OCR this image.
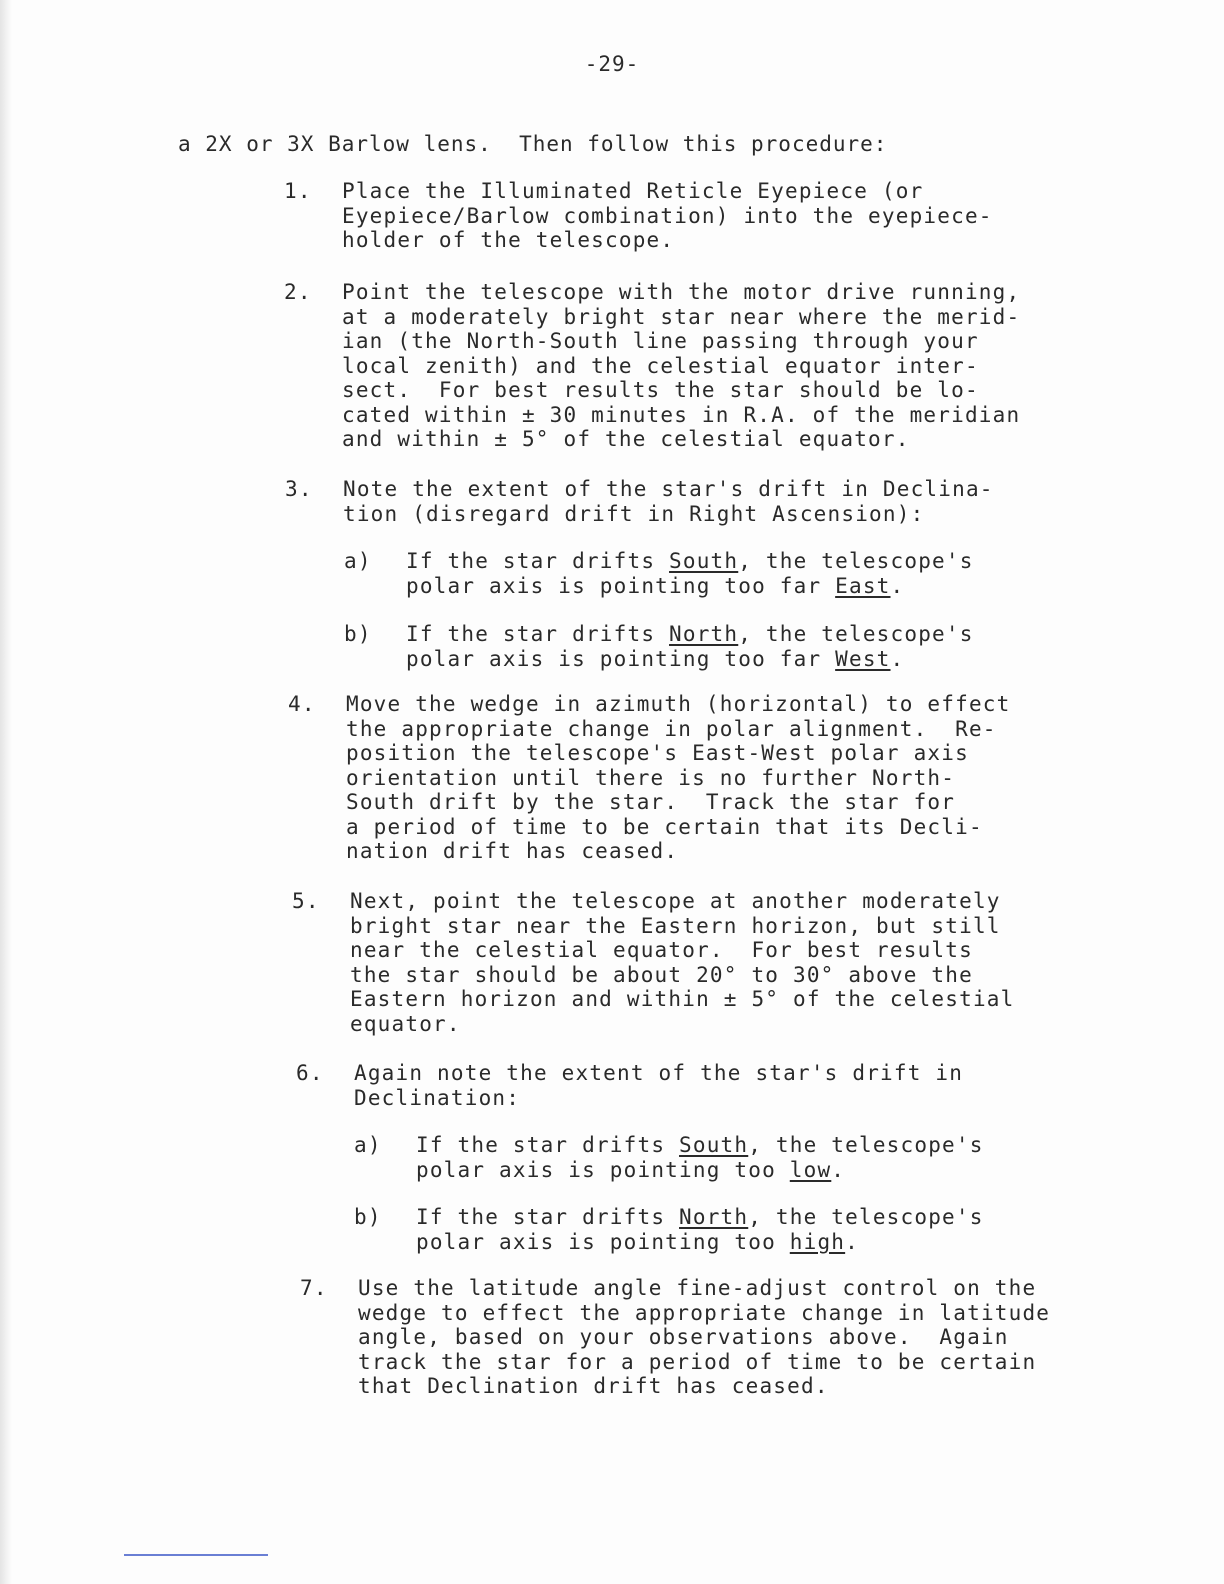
-29-
a 2X or 3X Barlow lens.  Then follow this procedure:
1. Place the Illuminated Reticle Eyepiece (or
Eyepiece/Barlow combination) into the eyepiece-
holder of the telescope.
2. Point the telescope with the motor drive running,
at a moderately bright star near where the merid-
ian (the North-South line passing through your
local zenith) and the celestial equator inter-
sect.  For best results the star should be lo-
cated within ± 30 minutes in R.A. of the meridian
and within ± 5° of the celestial equator.
3. Note the extent of the star's drift in Declina-
tion (disregard drift in Right Ascension):
a) If the star drifts South, the telescope's
polar axis is pointing too far East.
b) If the star drifts North, the telescope's
polar axis is pointing too far West.
4. Move the wedge in azimuth (horizontal) to effect
the appropriate change in polar alignment.  Re-
position the telescope's East-West polar axis
orientation until there is no further North-
South drift by the star.  Track the star for
a period of time to be certain that its Decli-
nation drift has ceased.
5. Next, point the telescope at another moderately
bright star near the Eastern horizon, but still
near the celestial equator.  For best results
the star should be about 20° to 30° above the
Eastern horizon and within ± 5° of the celestial
equator.
6. Again note the extent of the star's drift in
Declination:
a) If the star drifts South, the telescope's
polar axis is pointing too low.
b) If the star drifts North, the telescope's
polar axis is pointing too high.
7. Use the latitude angle fine-adjust control on the
wedge to effect the appropriate change in latitude
angle, based on your observations above.  Again
track the star for a period of time to be certain
that Declination drift has ceased.
